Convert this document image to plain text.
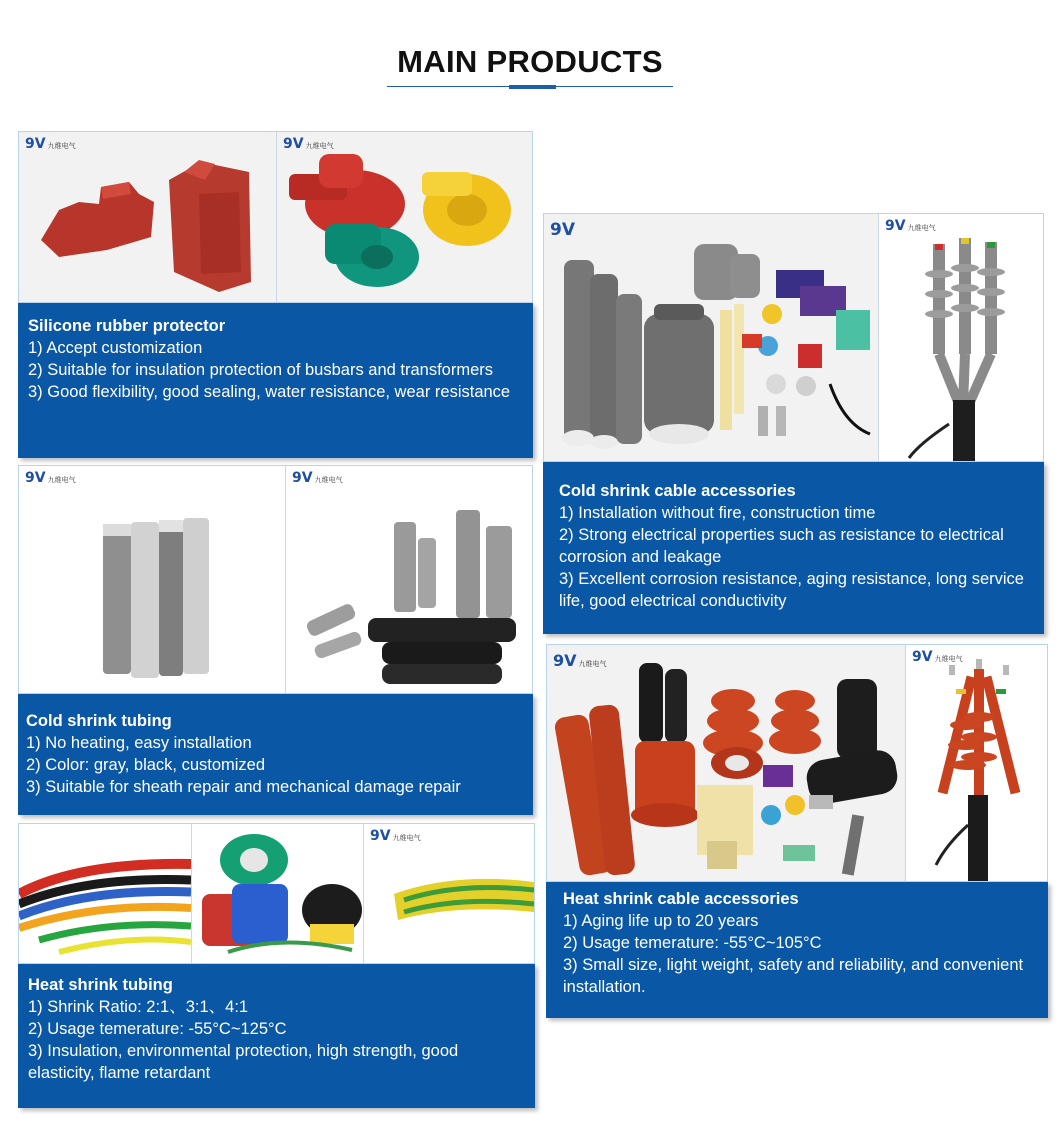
MAIN PRODUCTS
9V 九维电气	9V 九维电气
Silicone rubber protector
1) Accept customization
2) Suitable for insulation protection of busbars and transformers
3) Good flexibility, good sealing, water resistance, wear resistance
9V 九维电气	9V 九维电气
Cold shrink tubing
1) No heating, easy installation
2) Color: gray, black, customized
3) Suitable for sheath repair and mechanical damage repair
9V 九维电气
Heat shrink tubing
1) Shrink Ratio: 2:1、3:1、4:1
2) Usage temerature: -55°C~125°C
3) Insulation, environmental protection, high strength, good elasticity, flame retardant
9V	9V 九维电气
Cold shrink cable accessories
1) Installation without fire, construction time
2) Strong electrical properties such as resistance to electrical corrosion and leakage
3) Excellent corrosion resistance, aging resistance, long service life, good electrical conductivity
9V 九维电气	9V 九维电气
Heat shrink cable accessories
1) Aging life up to 20 years
2) Usage temerature: -55°C~105°C
3) Small size, light weight, safety and reliability, and convenient installation.
